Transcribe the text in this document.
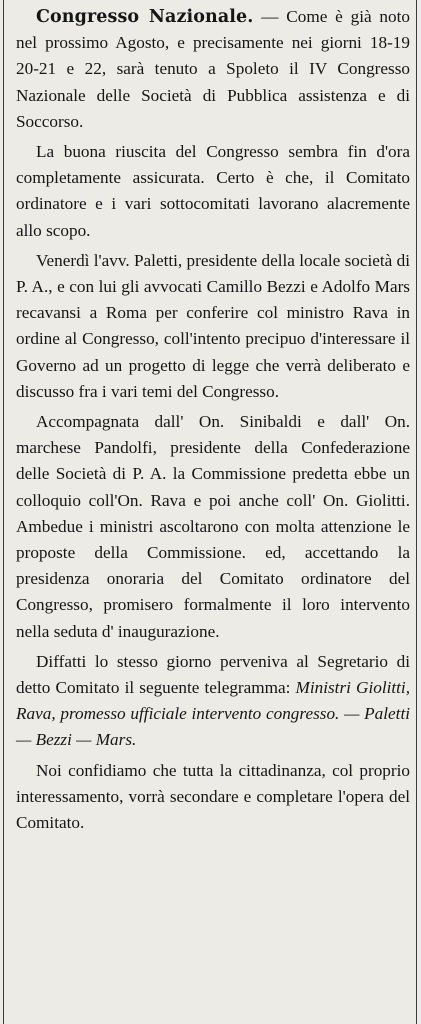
Congresso Nazionale. — Come è già noto nel prossimo Agosto, e precisamente nei giorni 18-19 20-21 e 22, sarà tenuto a Spoleto il IV Congresso Nazionale delle Società di Pubblica assistenza e di Soccorso.

La buona riuscita del Congresso sembra fin d'ora completamente assicurata. Certo è che, il Comitato ordinatore e i vari sottocomitati lavorano alacremente allo scopo.

Venerdì l'avv. Paletti, presidente della locale società di P. A., e con lui gli avvocati Camillo Bezzi e Adolfo Mars recavansi a Roma per conferire col ministro Rava in ordine al Congresso, coll'intento precipuo d'interessare il Governo ad un progetto di legge che verrà deliberato e discusso fra i vari temi del Congresso.

Accompagnata dall' On. Sinibaldi e dall' On. marchese Pandolfi, presidente della Confederazione delle Società di P. A. la Commissione predetta ebbe un colloquio coll'On. Rava e poi anche coll' On. Giolitti. Ambedue i ministri ascoltarono con molta attenzione le proposte della Commissione. ed, accettando la presidenza onoraria del Comitato ordinatore del Congresso, promisero formalmente il loro intervento nella seduta d' inaugurazione.

Diffatti lo stesso giorno perveniva al Segretario di detto Comitato il seguente telegramma: Ministri Giolitti, Rava, promesso ufficiale intervento congresso. — Paletti — Bezzi — Mars.

Noi confidiamo che tutta la cittadinanza, col proprio interessamento, vorrà secondare e completare l'opera del Comitato.
